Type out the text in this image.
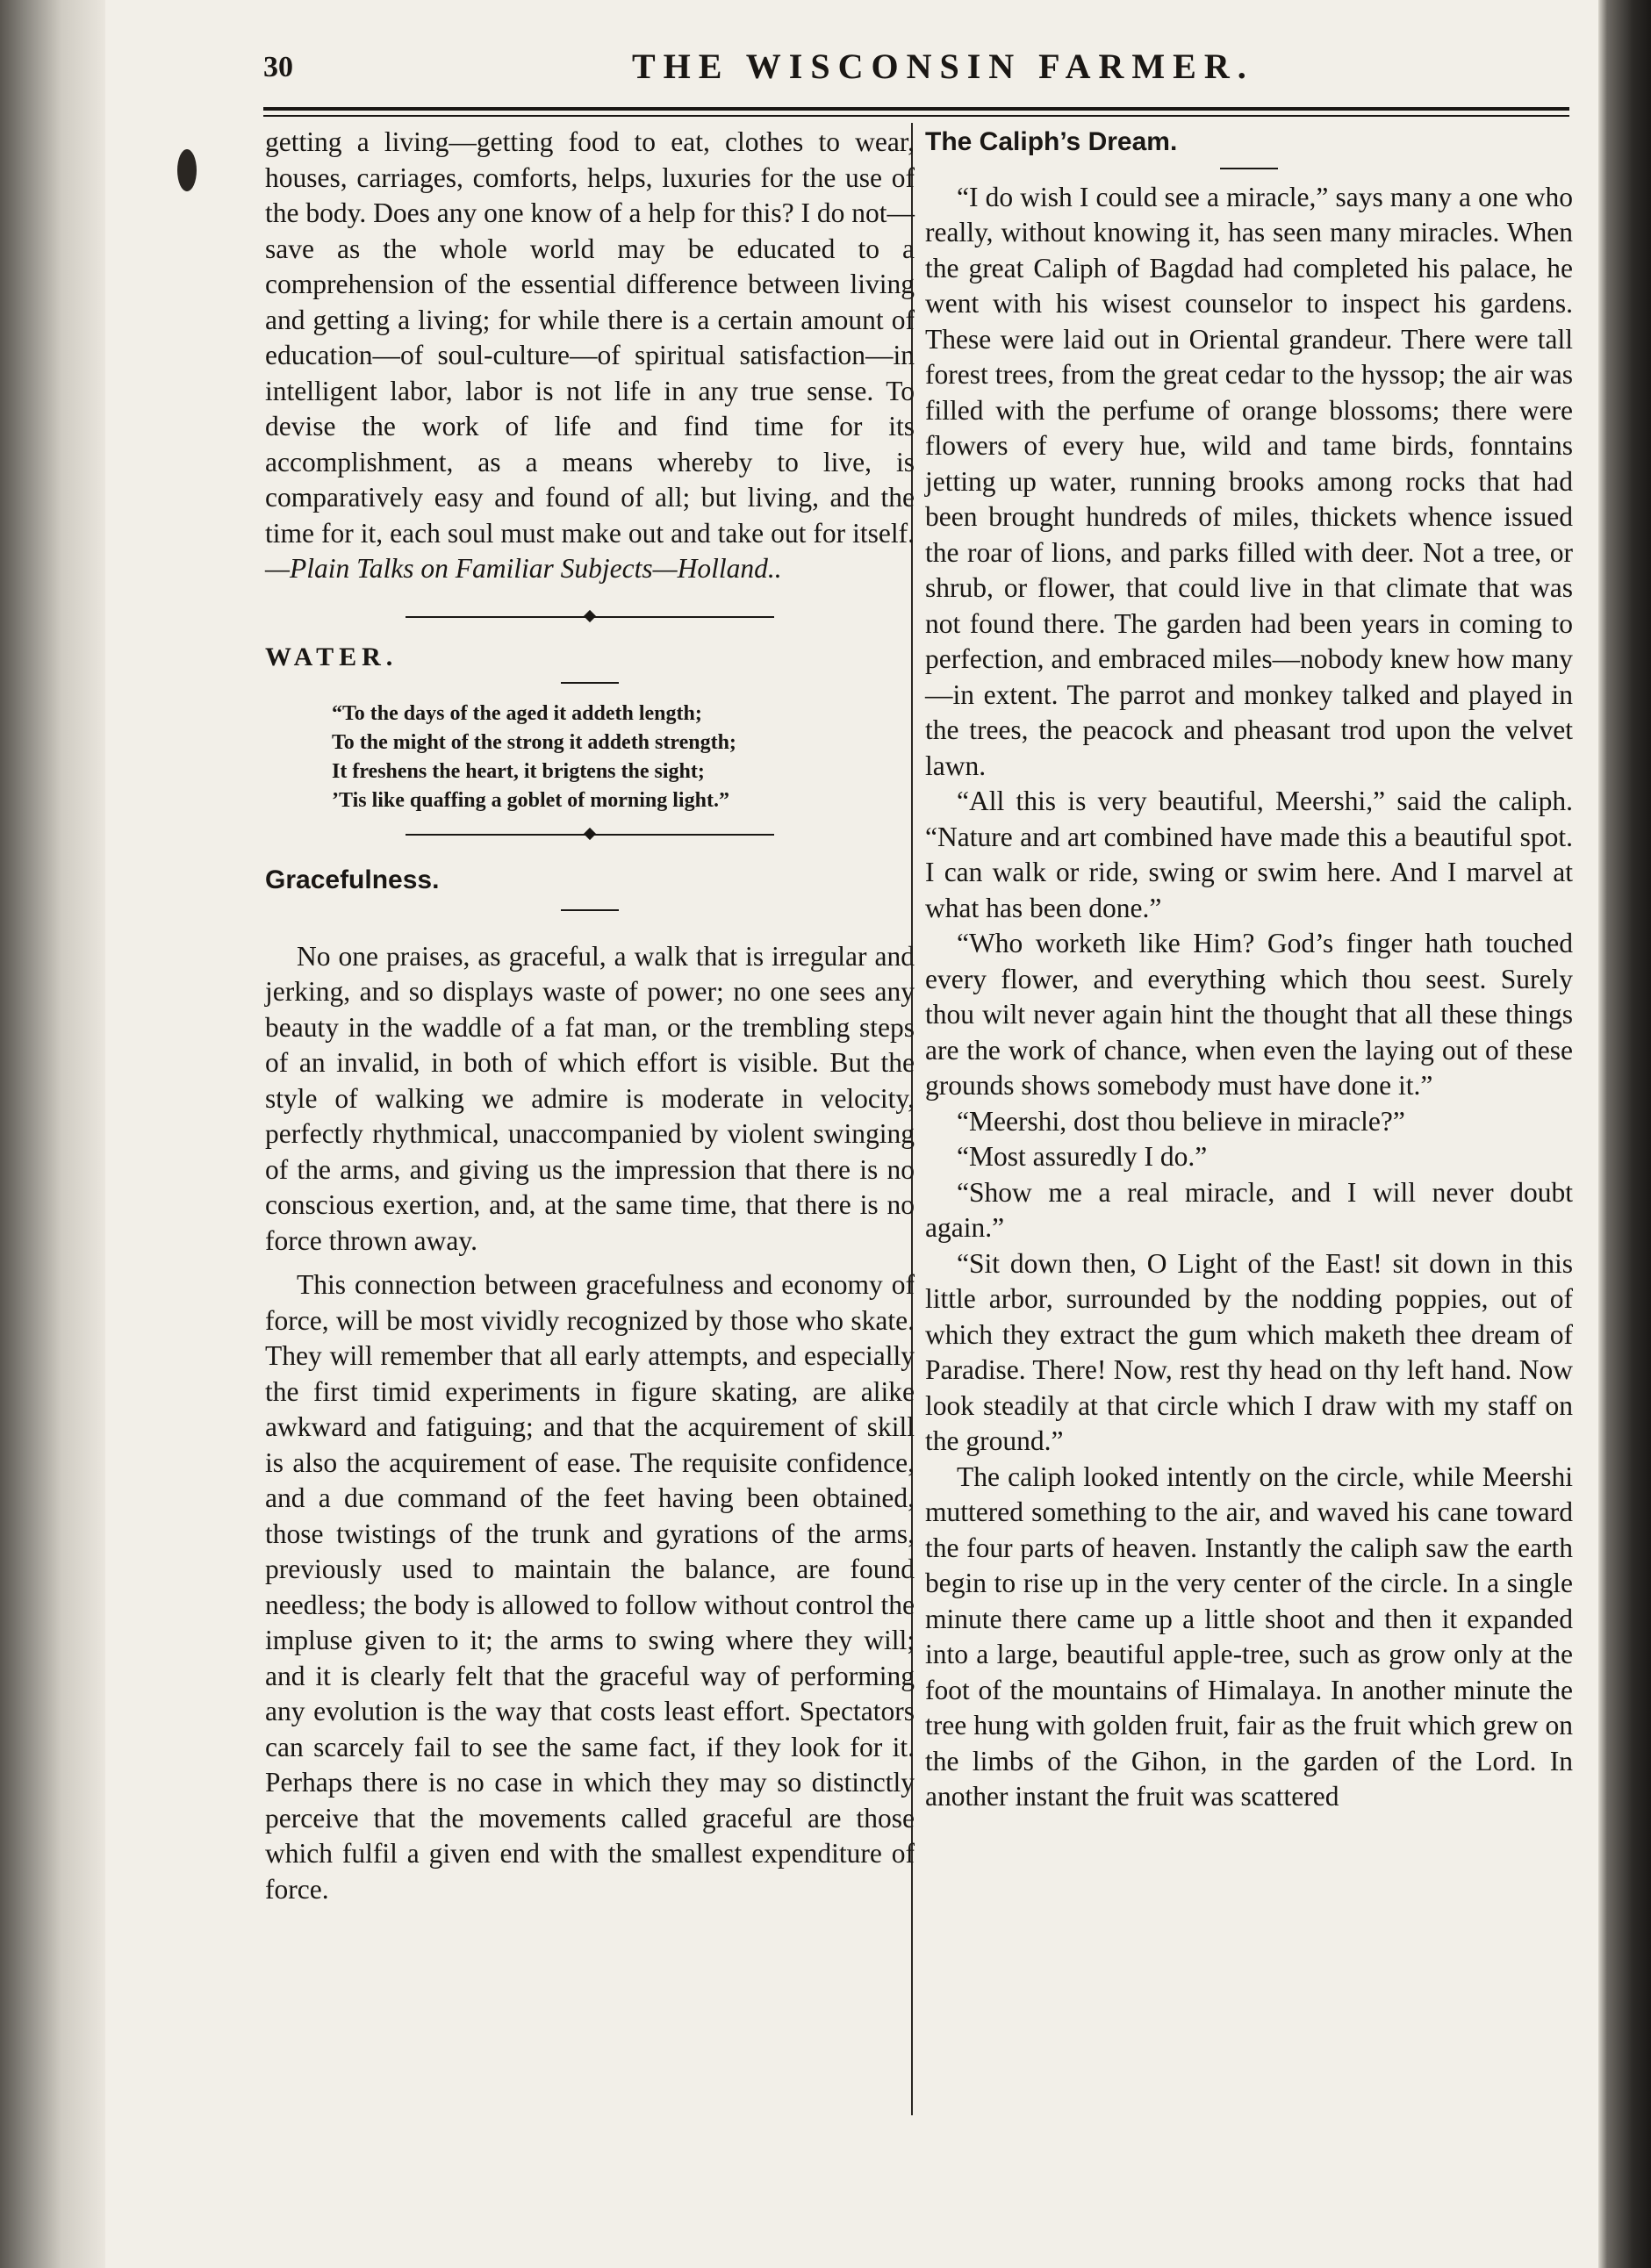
30	THE WISCONSIN FARMER.

getting a living—getting food to eat, clothes to wear, houses, carriages, comforts, helps, luxuries for the use of the body. Does any one know of a help for this? I do not—save as the whole world may be educated to a comprehension of the essential difference between living and getting a living; for while there is a certain amount of education—of soul-culture—of spiritual satisfaction—in intelligent labor, labor is not life in any true sense. To devise the work of life and find time for its accomplishment, as a means whereby to live, is comparatively easy and found of all; but living, and the time for it, each soul must make out and take out for itself.—Plain Talks on Familiar Subjects—Holland..

WATER.

“To the days of the aged it addeth length;
To the might of the strong it addeth strength;
It freshens the heart, it brigtens the sight;
’Tis like quaffing a goblet of morning light.”

Gracefulness.

No one praises, as graceful, a walk that is irregular and jerking, and so displays waste of power; no one sees any beauty in the waddle of a fat man, or the trembling steps of an invalid, in both of which effort is visible. But the style of walking we admire is moderate in velocity, perfectly rhythmical, unaccompanied by violent swinging of the arms, and giving us the impression that there is no conscious exertion, and, at the same time, that there is no force thrown away.

This connection between gracefulness and economy of force, will be most vividly recognized by those who skate. They will remember that all early attempts, and especially the first timid experiments in figure skating, are alike awkward and fatiguing; and that the acquirement of skill is also the acquirement of ease. The requisite confidence, and a due command of the feet having been obtained, those twistings of the trunk and gyrations of the arms, previously used to maintain the balance, are found needless; the body is allowed to follow without control the impluse given to it; the arms to swing where they will; and it is clearly felt that the graceful way of performing any evolution is the way that costs least effort. Spectators can scarcely fail to see the same fact, if they look for it. Perhaps there is no case in which they may so distinctly perceive that the movements called graceful are those which fulfil a given end with the smallest expenditure of force.

The Caliph’s Dream.

“I do wish I could see a miracle,” says many a one who really, without knowing it, has seen many miracles. When the great Caliph of Bagdad had completed his palace, he went with his wisest counselor to inspect his gardens. These were laid out in Oriental grandeur. There were tall forest trees, from the great cedar to the hyssop; the air was filled with the perfume of orange blossoms; there were flowers of every hue, wild and tame birds, fonntains jetting up water, running brooks among rocks that had been brought hundreds of miles, thickets whence issued the roar of lions, and parks filled with deer. Not a tree, or shrub, or flower, that could live in that climate that was not found there. The garden had been years in coming to perfection, and embraced miles—nobody knew how many—in extent. The parrot and monkey talked and played in the trees, the peacock and pheasant trod upon the velvet lawn.

“All this is very beautiful, Meershi,” said the caliph. “Nature and art combined have made this a beautiful spot. I can walk or ride, swing or swim here. And I marvel at what has been done.”

“Who worketh like Him? God’s finger hath touched every flower, and everything which thou seest. Surely thou wilt never again hint the thought that all these things are the work of chance, when even the laying out of these grounds shows somebody must have done it.”

“Meershi, dost thou believe in miracle?”

“Most assuredly I do.”

“Show me a real miracle, and I will never doubt again.”

“Sit down then, O Light of the East! sit down in this little arbor, surrounded by the nodding poppies, out of which they extract the gum which maketh thee dream of Paradise. There! Now, rest thy head on thy left hand. Now look steadily at that circle which I draw with my staff on the ground.”

The caliph looked intently on the circle, while Meershi muttered something to the air, and waved his cane toward the four parts of heaven. Instantly the caliph saw the earth begin to rise up in the very center of the circle. In a single minute there came up a little shoot and then it expanded into a large, beautiful apple-tree, such as grow only at the foot of the mountains of Himalaya. In another minute the tree hung with golden fruit, fair as the fruit which grew on the limbs of the Gihon, in the garden of the Lord. In another instant the fruit was scattered
